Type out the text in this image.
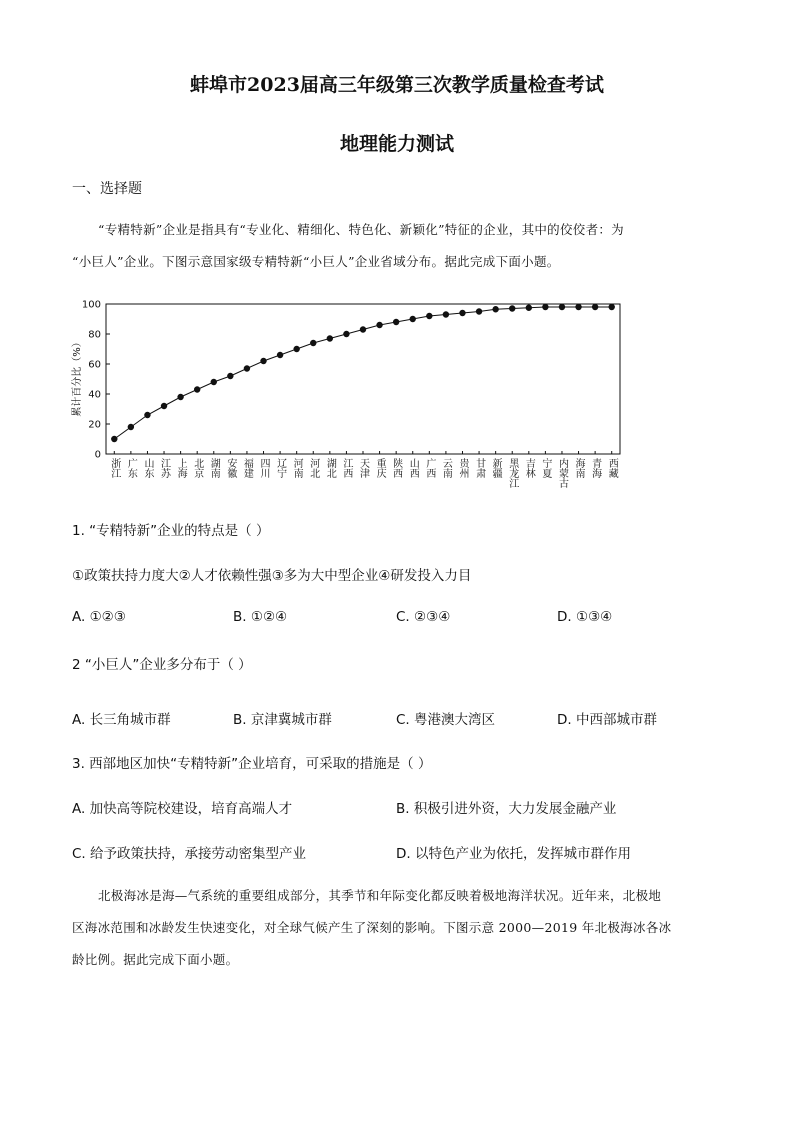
蚌埠市2023届高三年级第三次教学质量检查考试
地理能力测试
一、选择题
“专精特新”企业是指具有“专业化、精细化、特色化、新颖化”特征的企业，其中的佼佼者：为
“小巨人”企业。下图示意国家级专精特新“小巨人”企业省域分布。据此完成下面小题。
累计百分比（%）
0
20
40
60
80
100
浙江 广东 山东 江苏 上海 北京 湖南 安徽 福建 四川 辽宁 河南 河北 湖北 江西 天津 重庆 陕西 山西 广西 云南 贵州 甘肃 新疆 黑龙江 吉林 宁夏 内蒙古 海南 青海 西藏
1. “专精特新”企业的特点是（ ）
①政策扶持力度大②人才依赖性强③多为大中型企业④研发投入力目
A. ①②③	B. ①②④	C. ②③④	D. ①③④
2 “小巨人”企业多分布于（ ）
A. 长三角城市群	B. 京津冀城市群	C. 粤港澳大湾区	D. 中西部城市群
3. 西部地区加快“专精特新”企业培育，可采取的措施是（ ）
A. 加快高等院校建设，培育高端人才	B. 积极引进外资，大力发展金融产业
C. 给予政策扶持，承接劳动密集型产业	D. 以特色产业为依托，发挥城市群作用
北极海冰是海—气系统的重要组成部分，其季节和年际变化都反映着极地海洋状况。近年来，北极地
区海冰范围和冰龄发生快速变化，对全球气候产生了深刻的影响。下图示意 2000—2019 年北极海冰各冰
龄比例。据此完成下面小题。
